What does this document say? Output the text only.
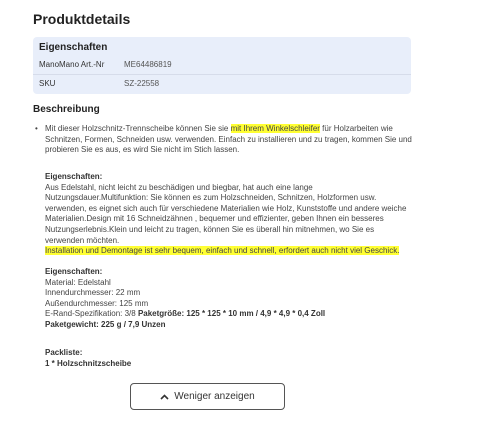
Produktdetails
Eigenschaften
ManoMano Art.-Nr ME64486819
SKU	SZ-22558
Beschreibung
• Mit dieser Holzschnitz-Trennscheibe können Sie sie mit Ihrem Winkelschleifer für Holzarbeiten wie Schnitzen, Formen, Schneiden usw. verwenden. Einfach zu installieren und zu tragen, kommen Sie und probieren Sie es aus, es wird Sie nicht im Stich lassen.
Eigenschaften:
Aus Edelstahl, nicht leicht zu beschädigen und biegbar, hat auch eine lange
Nutzungsdauer.Multifunktion: Sie können es zum Holzschneiden, Schnitzen, Holzformen usw.
verwenden, es eignet sich auch für verschiedene Materialien wie Holz, Kunststoffe und andere weiche
Materialien.Design mit 16 Schneidzähnen , bequemer und effizienter, geben Ihnen ein besseres
Nutzungserlebnis.Klein und leicht zu tragen, können Sie es überall hin mitnehmen, wo Sie es
verwenden möchten.
Installation und Demontage ist sehr bequem, einfach und schnell, erfordert auch nicht viel Geschick.
Eigenschaften:
Material: Edelstahl
Innendurchmesser: 22 mm
Außendurchmesser: 125 mm
E-Rand-Spezifikation: 3/8 Paketgröße: 125 * 125 * 10 mm / 4,9 * 4,9 * 0,4 Zoll
Paketgewicht: 225 g / 7,9 Unzen
Packliste:
1 * Holzschnitzscheibe
Weniger anzeigen
